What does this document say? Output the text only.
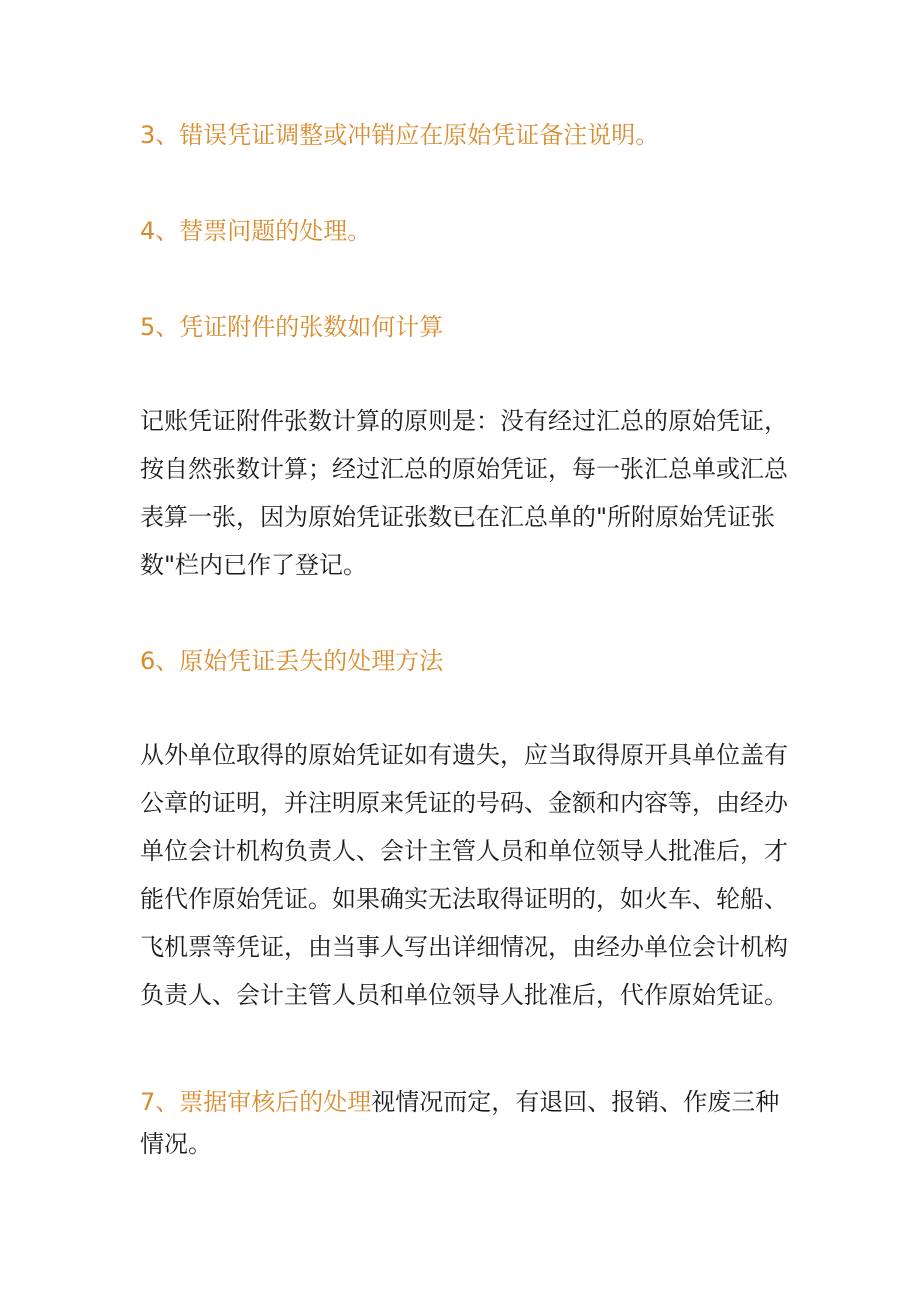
3、错误凭证调整或冲销应在原始凭证备注说明。

4、替票问题的处理。

5、凭证附件的张数如何计算

记账凭证附件张数计算的原则是：没有经过汇总的原始凭证，

按自然张数计算；经过汇总的原始凭证，每一张汇总单或汇总

表算一张，因为原始凭证张数已在汇总单的"所附原始凭证张

数"栏内已作了登记。

6、原始凭证丢失的处理方法

从外单位取得的原始凭证如有遗失，应当取得原开具单位盖有

公章的证明，并注明原来凭证的号码、金额和内容等，由经办

单位会计机构负责人、会计主管人员和单位领导人批准后，才

能代作原始凭证。如果确实无法取得证明的，如火车、轮船、

飞机票等凭证，由当事人写出详细情况，由经办单位会计机构

负责人、会计主管人员和单位领导人批准后，代作原始凭证。

7、票据审核后的处理视情况而定，有退回、报销、作废三种

情况。
